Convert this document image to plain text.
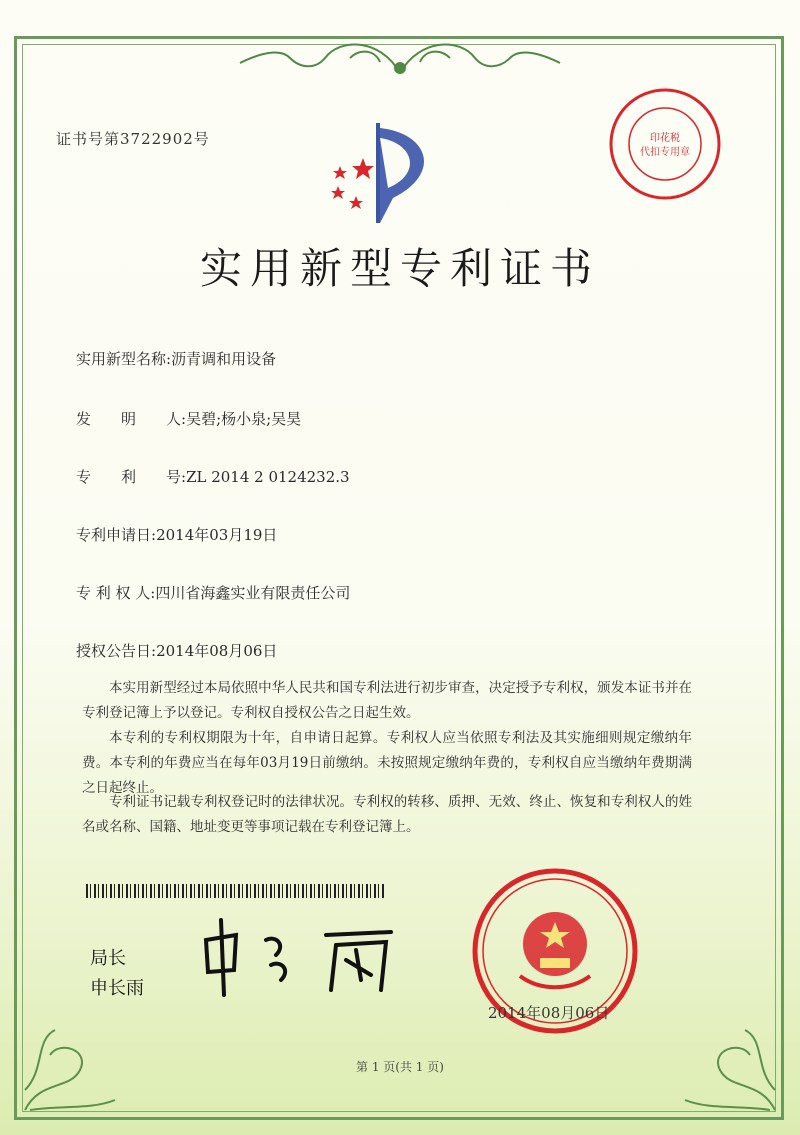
证书号第3722902号	印花税
代扣专用章
实用新型专利证书
实用新型名称:沥青调和用设备
发　　明　　人:吴碧;杨小泉;吴昊
专　　利　　号:ZL 2014 2 0124232.3
专利申请日:2014年03月19日
专 利 权 人:四川省海鑫实业有限责任公司
授权公告日:2014年08月06日
本实用新型经过本局依照中华人民共和国专利法进行初步审查，决定授予专利权，颁发本证书并在专利登记簿上予以登记。专利权自授权公告之日起生效。
本专利的专利权期限为十年，自申请日起算。专利权人应当依照专利法及其实施细则规定缴纳年费。本专利的年费应当在每年03月19日前缴纳。未按照规定缴纳年费的，专利权自应当缴纳年费期满之日起终止。
专利证书记载专利权登记时的法律状况。专利权的转移、质押、无效、终止、恢复和专利权人的姓名或名称、国籍、地址变更等事项记载在专利登记簿上。
局长
申长雨
2014年08月06日
第 1 页(共 1 页)
